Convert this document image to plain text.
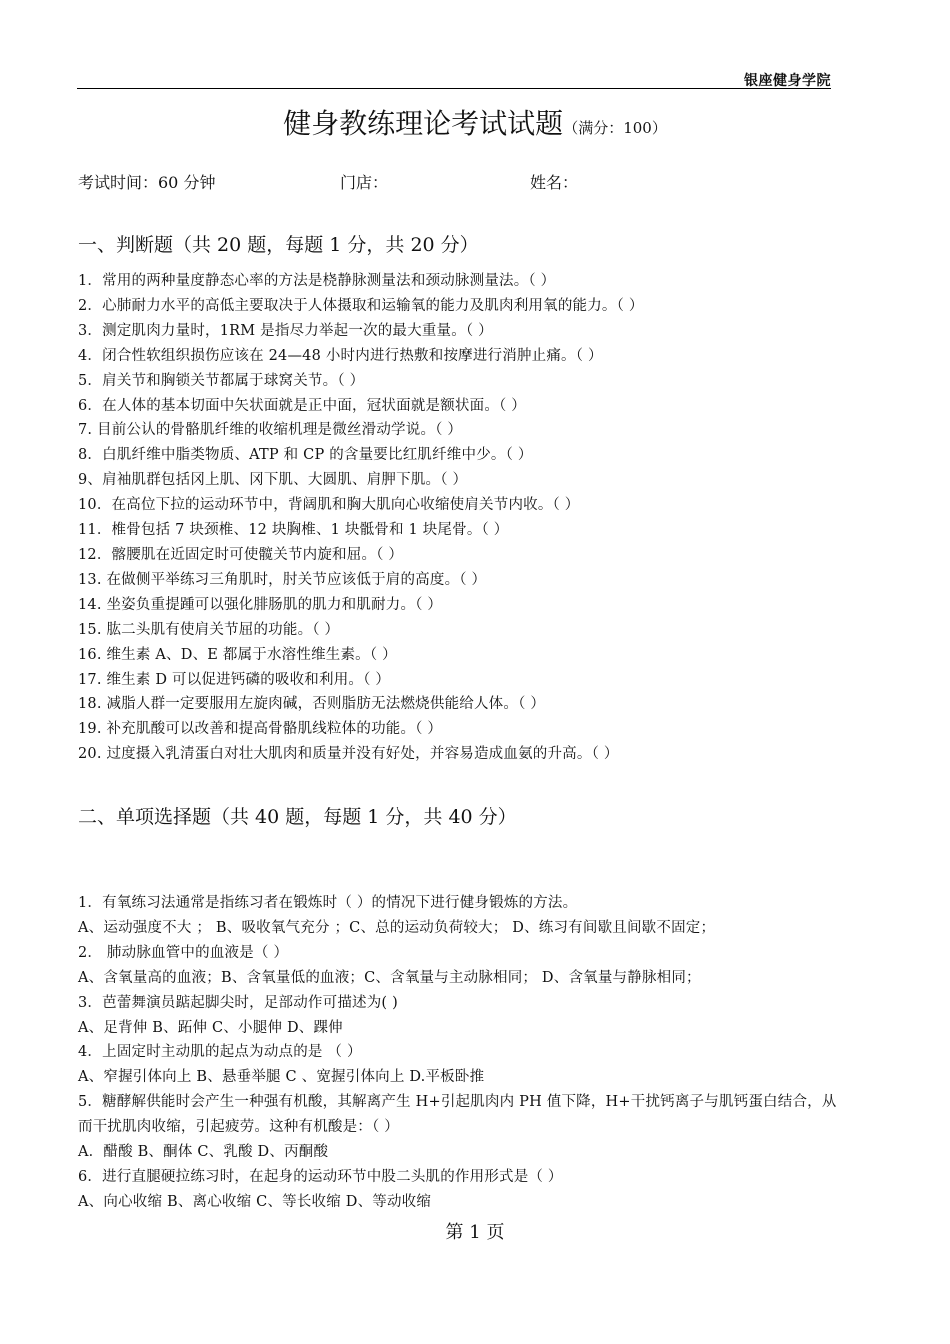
银座健身学院
健身教练理论考试试题（满分：100）
考试时间：60 分钟	门店：	姓名：
一、判断题（共 20 题，每题 1 分，共 20 分）
1．常用的两种量度静态心率的方法是桡静脉测量法和颈动脉测量法。（ ）
2．心肺耐力水平的高低主要取决于人体摄取和运输氧的能力及肌肉利用氧的能力。（ ）
3．测定肌肉力量时，1RM 是指尽力举起一次的最大重量。（ ）
4．闭合性软组织损伤应该在 24—48 小时内进行热敷和按摩进行消肿止痛。（ ）
5．肩关节和胸锁关节都属于球窝关节。（ ）
6．在人体的基本切面中矢状面就是正中面，冠状面就是额状面。（ ）
7. 目前公认的骨骼肌纤维的收缩机理是微丝滑动学说。（ ）
8．白肌纤维中脂类物质、ATP 和 CP 的含量要比红肌纤维中少。（ ）
9、肩袖肌群包括冈上肌、冈下肌、大圆肌、肩胛下肌。（ ）
10．在高位下拉的运动环节中，背阔肌和胸大肌向心收缩使肩关节内收。（ ）
11．椎骨包括 7 块颈椎、12 块胸椎、1 块骶骨和 1 块尾骨。（ ）
12．髂腰肌在近固定时可使髋关节内旋和屈。（ ）
13. 在做侧平举练习三角肌时，肘关节应该低于肩的高度。（ ）
14. 坐姿负重提踵可以强化腓肠肌的肌力和肌耐力。（ ）
15. 肱二头肌有使肩关节屈的功能。（ ）
16. 维生素 A、D、E 都属于水溶性维生素。（ ）
17. 维生素 D 可以促进钙磷的吸收和利用。（ ）
18. 减脂人群一定要服用左旋肉碱，否则脂肪无法燃烧供能给人体。（ ）
19. 补充肌酸可以改善和提高骨骼肌线粒体的功能。（ ）
20. 过度摄入乳清蛋白对壮大肌肉和质量并没有好处，并容易造成血氨的升高。（ ）
二、单项选择题（共 40 题，每题 1 分，共 40 分）
1．有氧练习法通常是指练习者在锻炼时（ ）的情况下进行健身锻炼的方法。
A、运动强度不大 ； B、吸收氧气充分 ；C、总的运动负荷较大； D、练习有间歇且间歇不固定；
2． 肺动脉血管中的血液是（ ）
A、含氧量高的血液；B、含氧量低的血液；C、含氧量与主动脉相同； D、含氧量与静脉相同；
3．芭蕾舞演员踮起脚尖时，足部动作可描述为( )
A、足背伸 B、跖伸 C、小腿伸 D、踝伸
4．上固定时主动肌的起点为动点的是 （ ）
A、窄握引体向上 B、悬垂举腿 C 、宽握引体向上 D.平板卧推
5．糖酵解供能时会产生一种强有机酸，其解离产生 H+引起肌肉内 PH 值下降，H+干扰钙离子与肌钙蛋白结合，从而干扰肌肉收缩，引起疲劳。这种有机酸是：（ ）
A．醋酸 B、酮体 C、乳酸 D、丙酮酸
6．进行直腿硬拉练习时，在起身的运动环节中股二头肌的作用形式是（ ）
A、向心收缩 B、离心收缩 C、等长收缩 D、等动收缩
第 1 页
